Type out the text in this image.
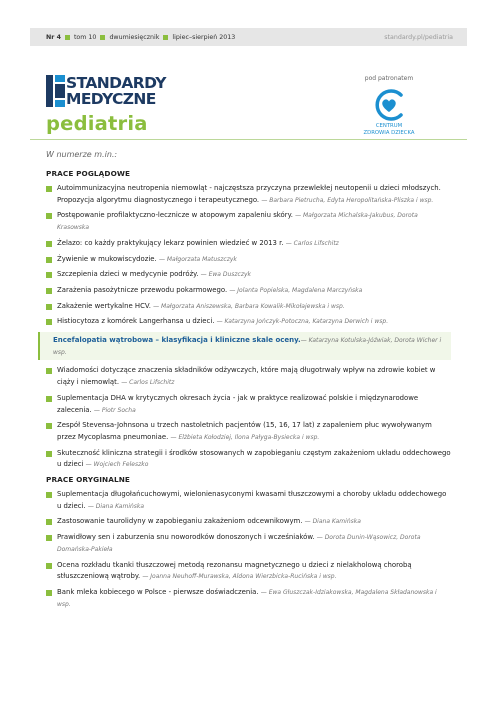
Nr 4 tom 10 dwumiesięcznik lipiec–sierpień 2013	standardy.pl/pediatria
STANDARDY
MEDYCZNE
pediatria
pod patronatem
CENTRUM
ZDROWIA DZIECKA
W numerze m.in.:
PRACE POGLĄDOWE
Autoimmunizacyjna neutropenia niemowląt - najczęstsza przyczyna przewlekłej neutopenii u dzieci młodszych. Propozycja algorytmu diagnostycznego i terapeutycznego. — Barbara Pietrucha, Edyta Heropolitańska-Pliszka i wsp.
Postępowanie profilaktyczno-lecznicze w atopowym zapaleniu skóry. — Małgorzata Michalska-Jakubus, Dorota Krasowska
Żelazo: co każdy praktykujący lekarz powinien wiedzieć w 2013 r. — Carlos Lifschitz
Żywienie w mukowiscydozie. — Małgorzata Matuszczyk
Szczepienia dzieci w medycynie podróży. — Ewa Duszczyk
Zarażenia pasożytnicze przewodu pokarmowego. — Jolanta Popielska, Magdalena Marczyńska
Zakażenie wertykalne HCV. — Małgorzata Aniszewska, Barbara Kowalik-Mikołajewska i wsp.
Histiocytoza z komórek Langerhansa u dzieci. — Katarzyna Jończyk-Potoczna, Katarzyna Derwich i wsp.
Encefalopatia wątrobowa – klasyfikacja i kliniczne skale oceny.— Katarzyna Kotulska-Jóźwiak, Dorota Wicher i wsp.
Wiadomości dotyczące znaczenia składników odżywczych, które mają długotrwały wpływ na zdrowie kobiet w ciąży i niemowląt. — Carlos Lifschitz
Suplementacja DHA w krytycznych okresach życia - jak w praktyce realizować polskie i międzynarodowe zalecenia. — Piotr Socha
Zespół Stevensa-Johnsona u trzech nastoletnich pacjentów (15, 16, 17 lat) z zapaleniem płuc wywoływanym przez Mycoplasma pneumoniae. — Elżbieta Kołodziej, Ilona Pałyga-Bysiecka i wsp.
Skuteczność kliniczna strategii i środków stosowanych w zapobieganiu częstym zakażeniom układu oddechowego u dzieci — Wojciech Feleszko
PRACE ORYGINALNE
Suplementacja długołańcuchowymi, wielonienasyconymi kwasami tłuszczowymi a choroby układu oddechowego u dzieci. — Diana Kamińska
Zastosowanie taurolidyny w zapobieganiu zakażeniom odcewnikowym. — Diana Kamińska
Prawidłowy sen i zaburzenia snu noworodków donoszonych i wcześniaków. — Dorota Dunin-Wąsowicz, Dorota Domańska-Pakieła
Ocena rozkładu tkanki tłuszczowej metodą rezonansu magnetycznego u dzieci z nielakholową chorobą stłuszczeniową wątroby. — Joanna Neuhoff-Murawska, Aldona Wierzbicka-Rucińska i wsp.
Bank mleka kobiecego w Polsce - pierwsze doświadczenia. — Ewa Głuszczak-Idziakowska, Magdalena Składanowska i wsp.
